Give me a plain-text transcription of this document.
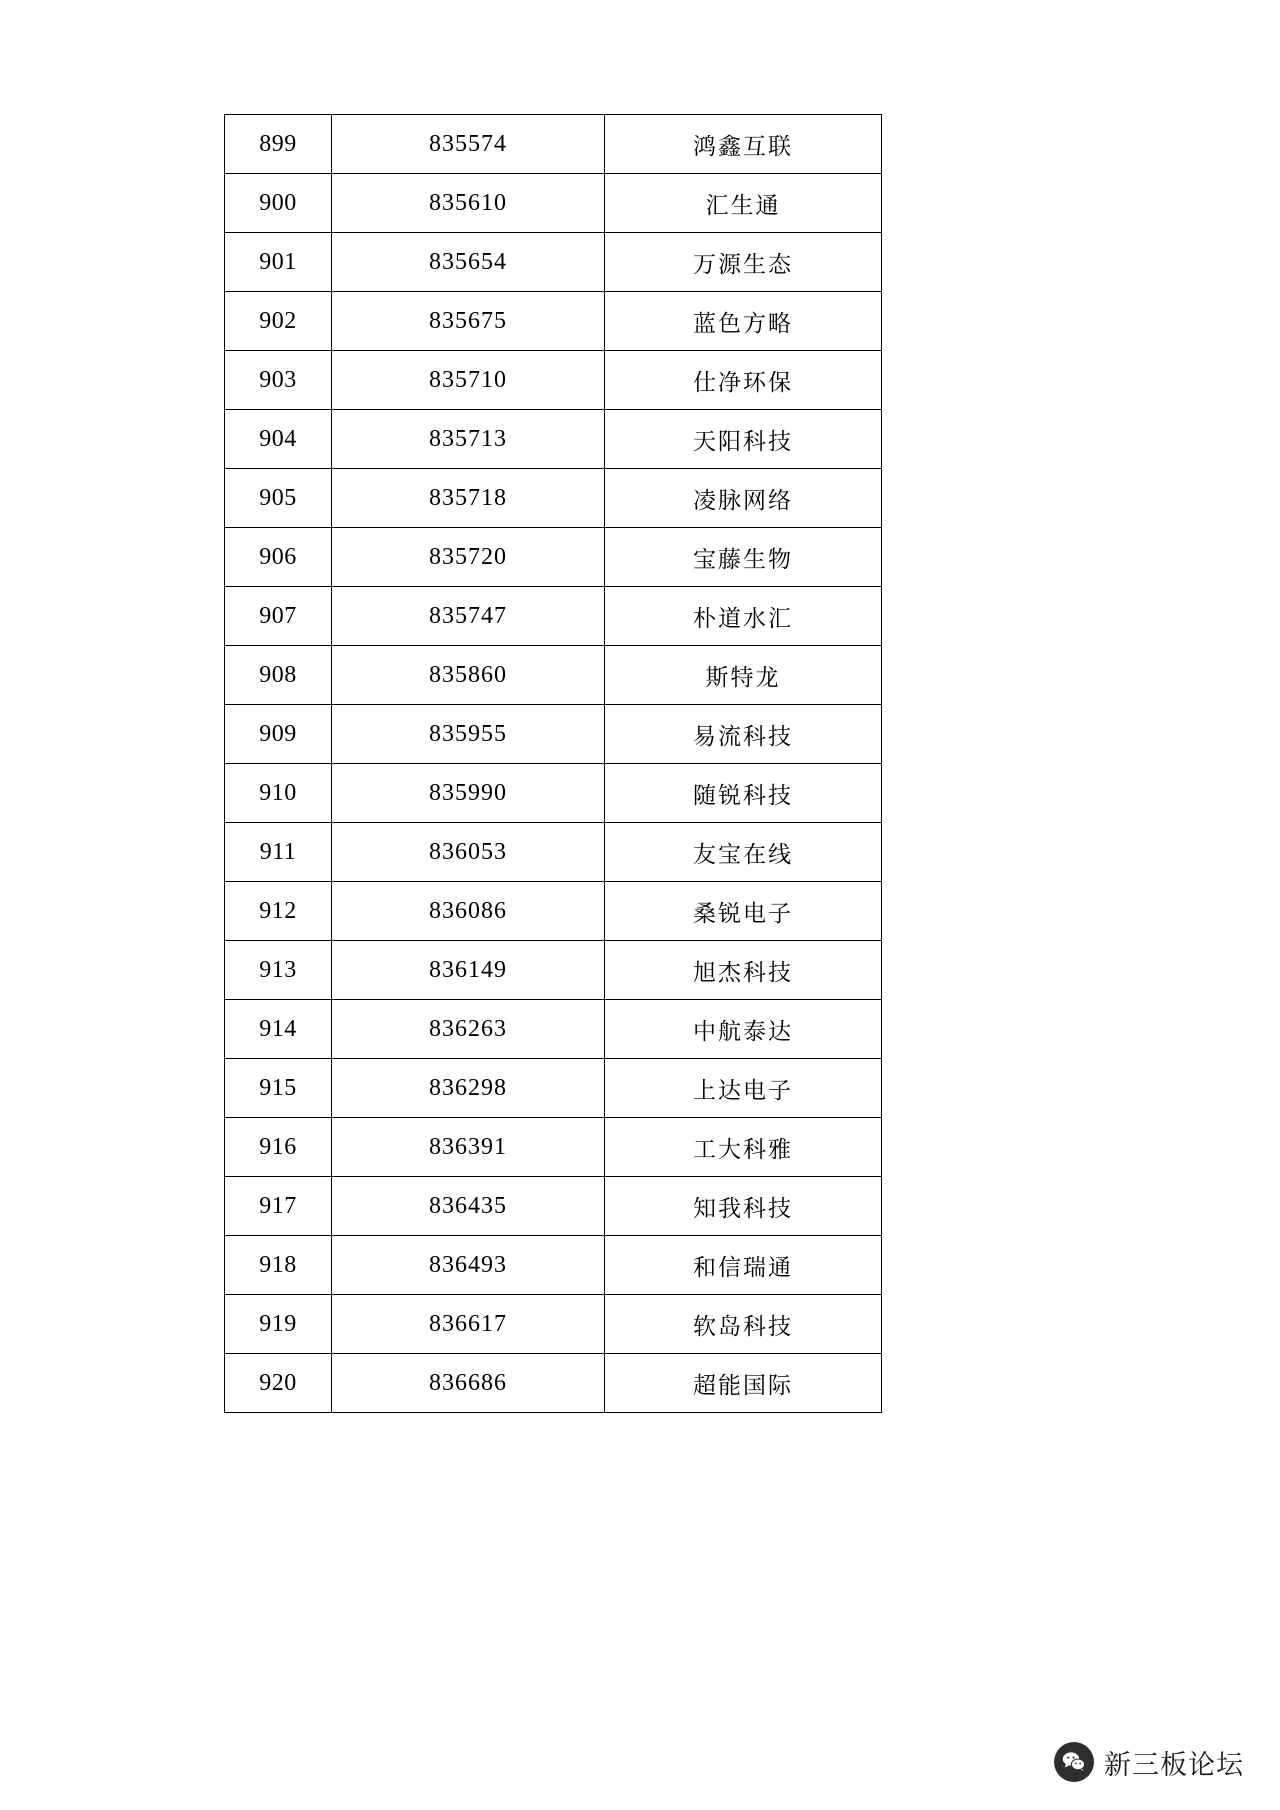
899	835574	鸿鑫互联
900	835610	汇生通
901	835654	万源生态
902	835675	蓝色方略
903	835710	仕净环保
904	835713	天阳科技
905	835718	凌脉网络
906	835720	宝藤生物
907	835747	朴道水汇
908	835860	斯特龙
909	835955	易流科技
910	835990	随锐科技
911	836053	友宝在线
912	836086	桑锐电子
913	836149	旭杰科技
914	836263	中航泰达
915	836298	上达电子
916	836391	工大科雅
917	836435	知我科技
918	836493	和信瑞通
919	836617	软岛科技
920	836686	超能国际
新三板论坛
